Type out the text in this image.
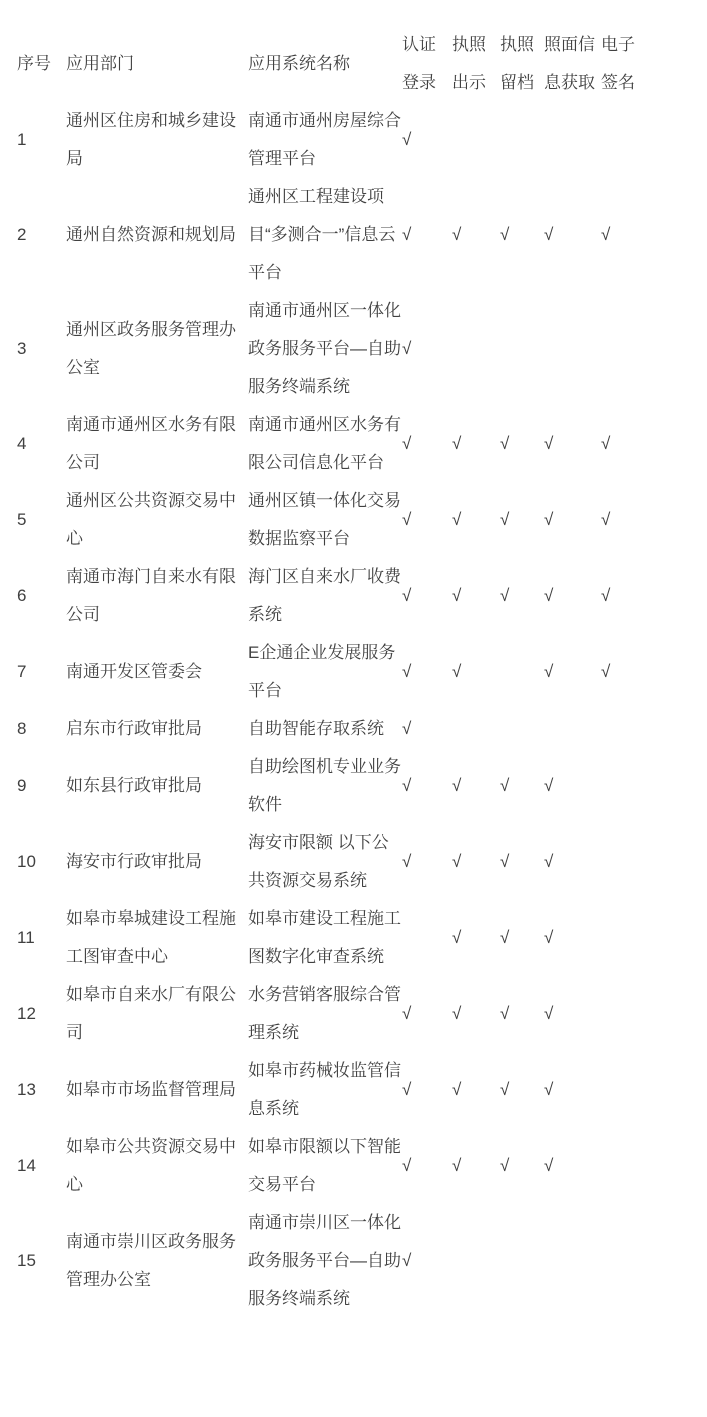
序号	应用部门	应用系统名称	认证登录	执照出示	执照留档	照面信息获取	电子签名
1	通州区住房和城乡建设局	南通市通州房屋综合管理平台	√				
2	通州自然资源和规划局	通州区工程建设项目“多测合一”信息云平台	√	√	√	√	√
3	通州区政务服务管理办公室	南通市通州区一体化政务服务平台—自助服务终端系统	√				
4	南通市通州区水务有限公司	南通市通州区水务有限公司信息化平台	√	√	√	√	√
5	通州区公共资源交易中心	通州区镇一体化交易数据监察平台	√	√	√	√	√
6	南通市海门自来水有限公司	海门区自来水厂收费系统	√	√	√	√	√
7	南通开发区管委会	E企通企业发展服务平台	√	√		√	√
8	启东市行政审批局	自助智能存取系统	√				
9	如东县行政审批局	自助绘图机专业业务软件	√	√	√	√	
10	海安市行政审批局	海安市限额 以下公共资源交易系统	√	√	√	√	
11	如皋市皋城建设工程施工图审查中心	如皋市建设工程施工图数字化审查系统		√	√	√	
12	如皋市自来水厂有限公司	水务营销客服综合管理系统	√	√	√	√	
13	如皋市市场监督管理局	如皋市药械妆监管信息系统	√	√	√	√	
14	如皋市公共资源交易中心	如皋市限额以下智能交易平台	√	√	√	√	
15	南通市崇川区政务服务管理办公室	南通市崇川区一体化政务服务平台—自助服务终端系统	√				
